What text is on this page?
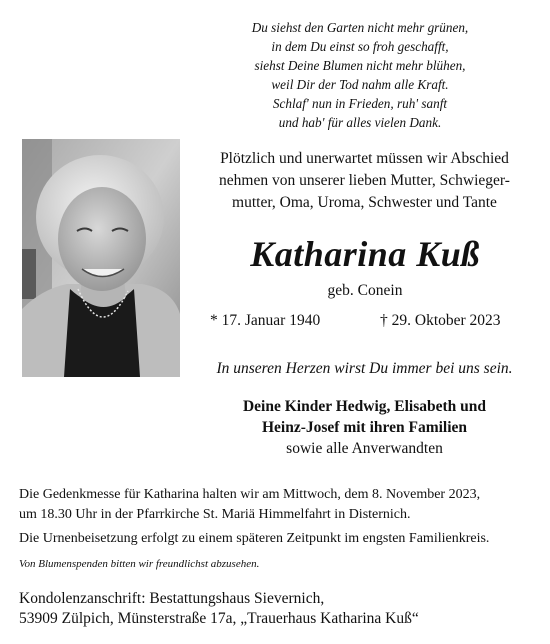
Du siehst den Garten nicht mehr grünen,
in dem Du einst so froh geschafft,
siehst Deine Blumen nicht mehr blühen,
weil Dir der Tod nahm alle Kraft.
Schlaf' nun in Frieden, ruh' sanft
und hab' für alles vielen Dank.
Plötzlich und unerwartet müssen wir Abschied
nehmen von unserer lieben Mutter, Schwieger-
mutter, Oma, Uroma, Schwester und Tante
Katharina Kuß
geb. Conein
* 17. Januar 1940	† 29. Oktober 2023
In unseren Herzen wirst Du immer bei uns sein.
Deine Kinder Hedwig, Elisabeth und
Heinz-Josef mit ihren Familien
sowie alle Anverwandten
Die Gedenkmesse für Katharina halten wir am Mittwoch, dem 8. November 2023,
um 18.30 Uhr in der Pfarrkirche St. Mariä Himmelfahrt in Disternich.
Die Urnenbeisetzung erfolgt zu einem späteren Zeitpunkt im engsten Familienkreis.
Von Blumenspenden bitten wir freundlichst abzusehen.
Kondolenzanschrift: Bestattungshaus Sievernich,
53909 Zülpich, Münsterstraße 17a, „Trauerhaus Katharina Kuß“
